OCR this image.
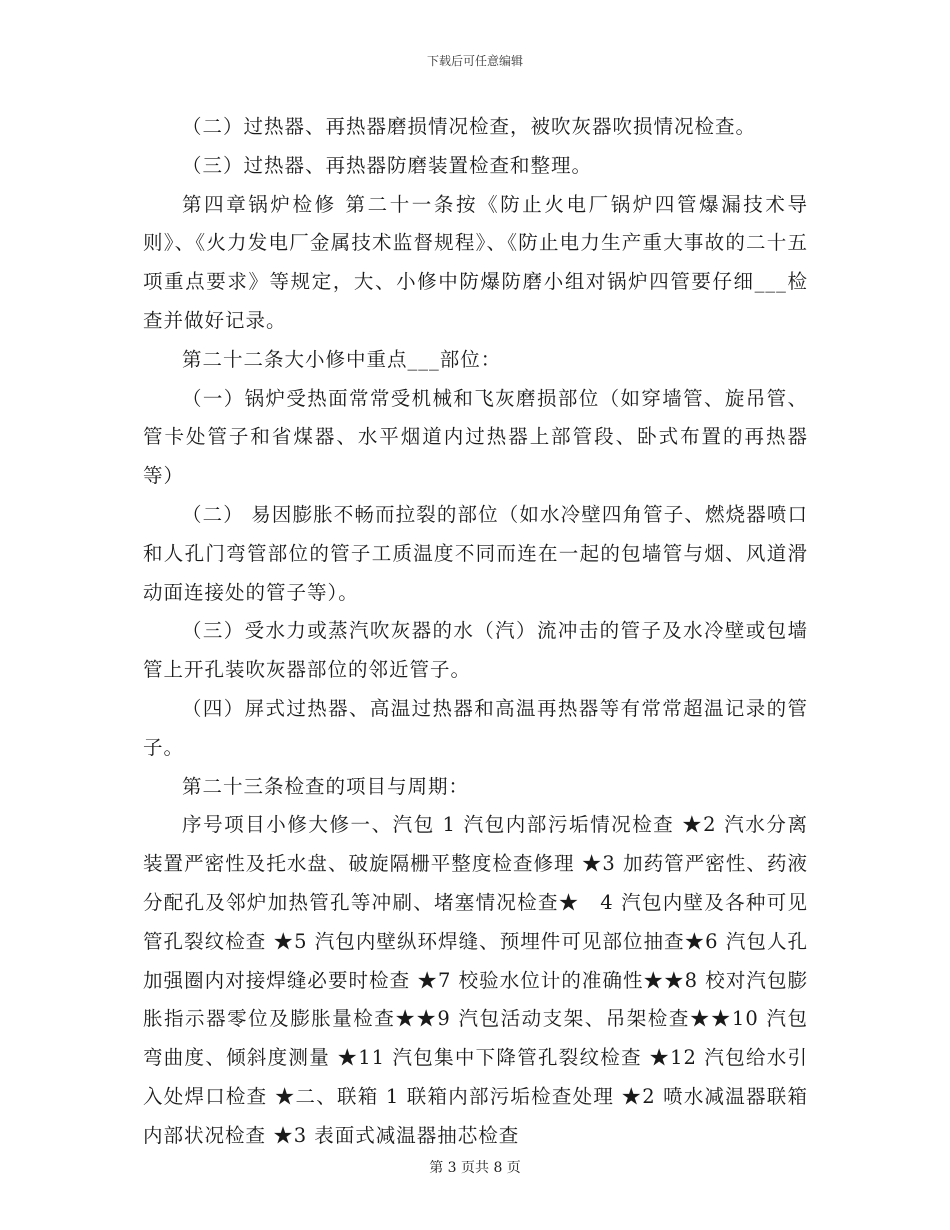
下载后可任意编辑

（二）过热器、再热器磨损情况检查，被吹灰器吹损情况检查。

（三）过热器、再热器防磨装置检查和整理。

第四章锅炉检修 第二十一条按《防止火电厂锅炉四管爆漏技术导则》、《火力发电厂金属技术监督规程》、《防止电力生产重大事故的二十五项重点要求》等规定，大、小修中防爆防磨小组对锅炉四管要仔细___检查并做好记录。

第二十二条大小修中重点___部位：

（一）锅炉受热面常常受机械和飞灰磨损部位（如穿墙管、旋吊管、管卡处管子和省煤器、水平烟道内过热器上部管段、卧式布置的再热器等）

（二） 易因膨胀不畅而拉裂的部位（如水冷壁四角管子、燃烧器喷口和人孔门弯管部位的管子工质温度不同而连在一起的包墙管与烟、风道滑动面连接处的管子等）。

（三）受水力或蒸汽吹灰器的水（汽）流冲击的管子及水冷壁或包墙管上开孔装吹灰器部位的邻近管子。

（四）屏式过热器、高温过热器和高温再热器等有常常超温记录的管子。

第二十三条检查的项目与周期：

序号项目小修大修一、汽包 1 汽包内部污垢情况检查 ★2 汽水分离装置严密性及托水盘、破旋隔栅平整度检查修理 ★3 加药管严密性、药液分配孔及邻炉加热管孔等冲刷、堵塞情况检查★　4 汽包内壁及各种可见管孔裂纹检查 ★5 汽包内壁纵环焊缝、预埋件可见部位抽查★6 汽包人孔加强圈内对接焊缝必要时检查 ★7 校验水位计的准确性★★8 校对汽包膨胀指示器零位及膨胀量检查★★9 汽包活动支架、吊架检查★★10 汽包弯曲度、倾斜度测量 ★11 汽包集中下降管孔裂纹检查 ★12 汽包给水引入处焊口检查 ★二、联箱 1 联箱内部污垢检查处理 ★2 喷水减温器联箱内部状况检查 ★3 表面式减温器抽芯检查

第 3 页共 8 页
